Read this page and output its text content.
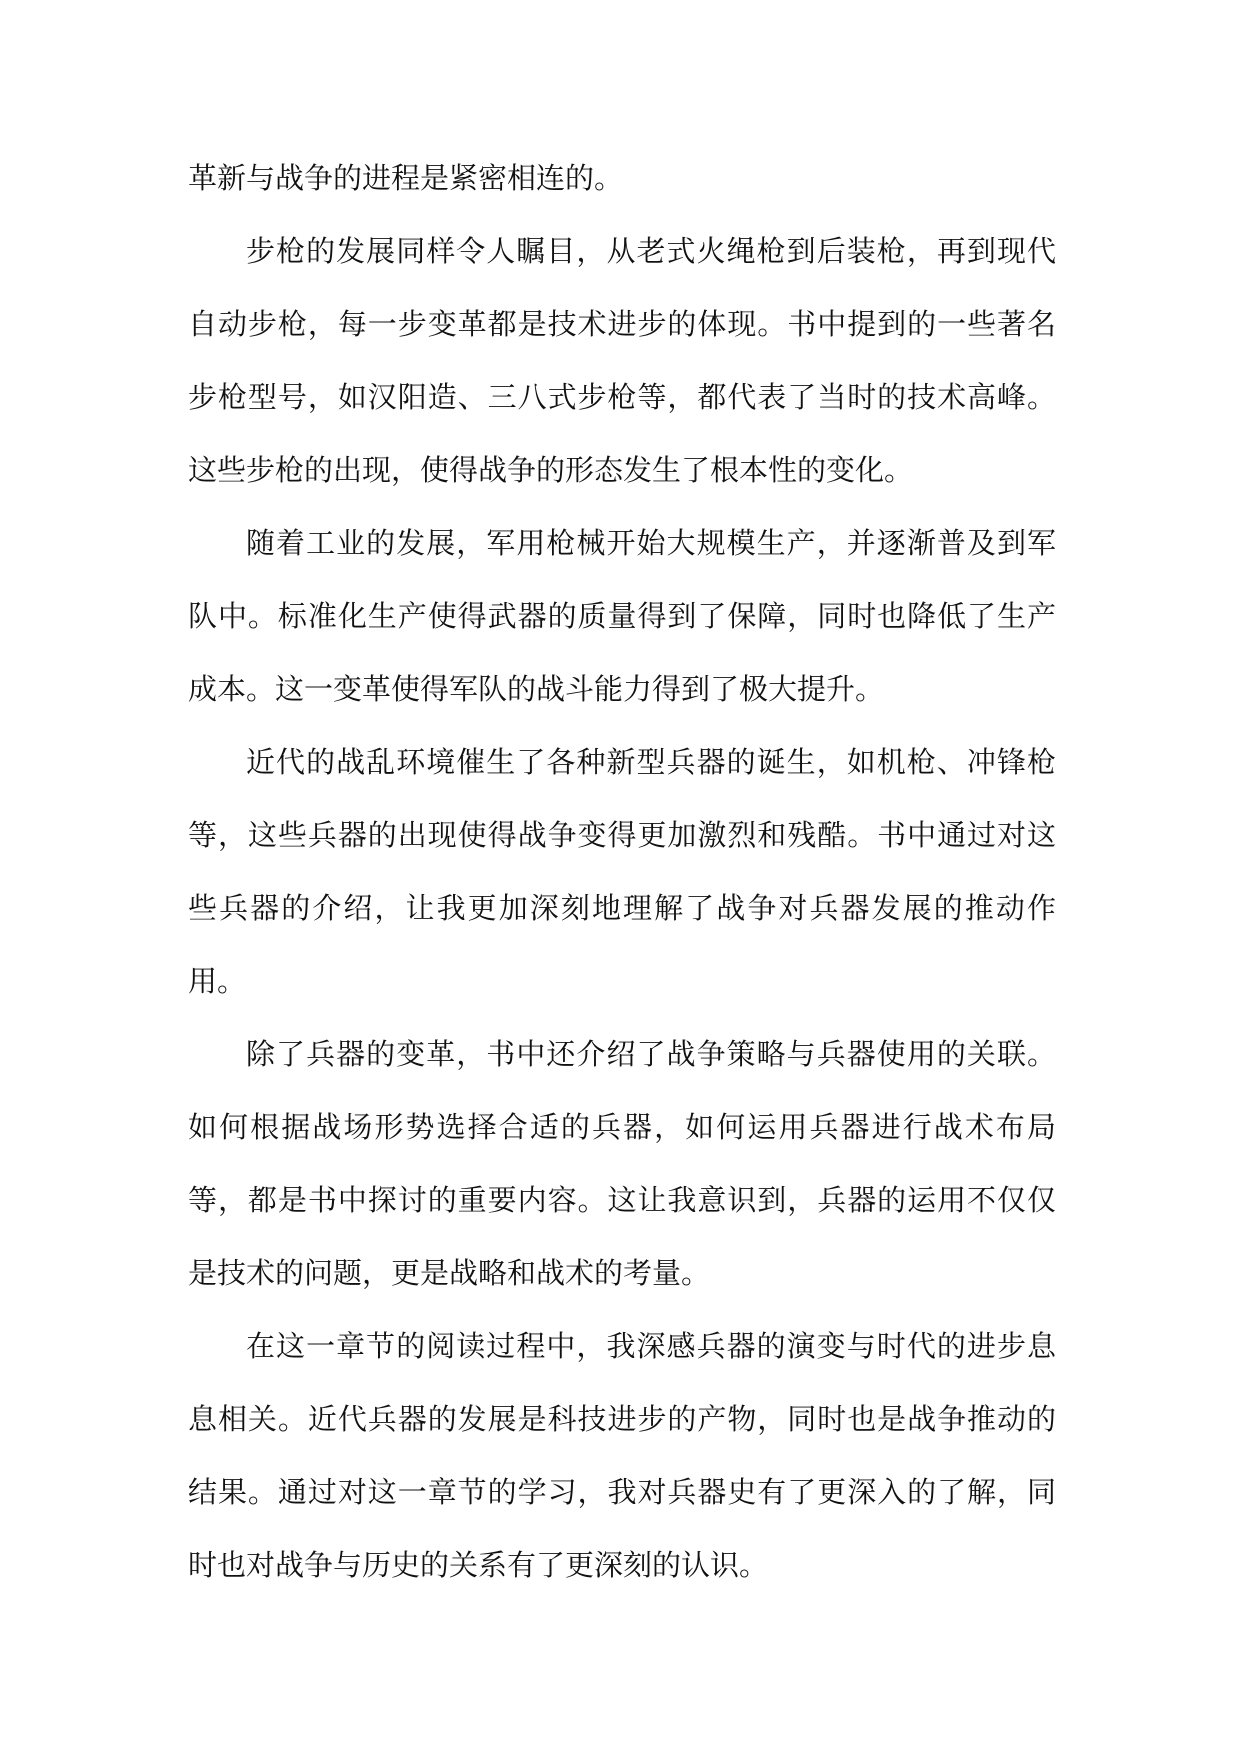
革新与战争的进程是紧密相连的。

步枪的发展同样令人瞩目，从老式火绳枪到后装枪，再到现代自动步枪，每一步变革都是技术进步的体现。书中提到的一些著名步枪型号，如汉阳造、三八式步枪等，都代表了当时的技术高峰。这些步枪的出现，使得战争的形态发生了根本性的变化。

随着工业的发展，军用枪械开始大规模生产，并逐渐普及到军队中。标准化生产使得武器的质量得到了保障，同时也降低了生产成本。这一变革使得军队的战斗能力得到了极大提升。

近代的战乱环境催生了各种新型兵器的诞生，如机枪、冲锋枪等，这些兵器的出现使得战争变得更加激烈和残酷。书中通过对这些兵器的介绍，让我更加深刻地理解了战争对兵器发展的推动作用。

除了兵器的变革，书中还介绍了战争策略与兵器使用的关联。如何根据战场形势选择合适的兵器，如何运用兵器进行战术布局等，都是书中探讨的重要内容。这让我意识到，兵器的运用不仅仅是技术的问题，更是战略和战术的考量。

在这一章节的阅读过程中，我深感兵器的演变与时代的进步息息相关。近代兵器的发展是科技进步的产物，同时也是战争推动的结果。通过对这一章节的学习，我对兵器史有了更深入的了解，同时也对战争与历史的关系有了更深刻的认识。
